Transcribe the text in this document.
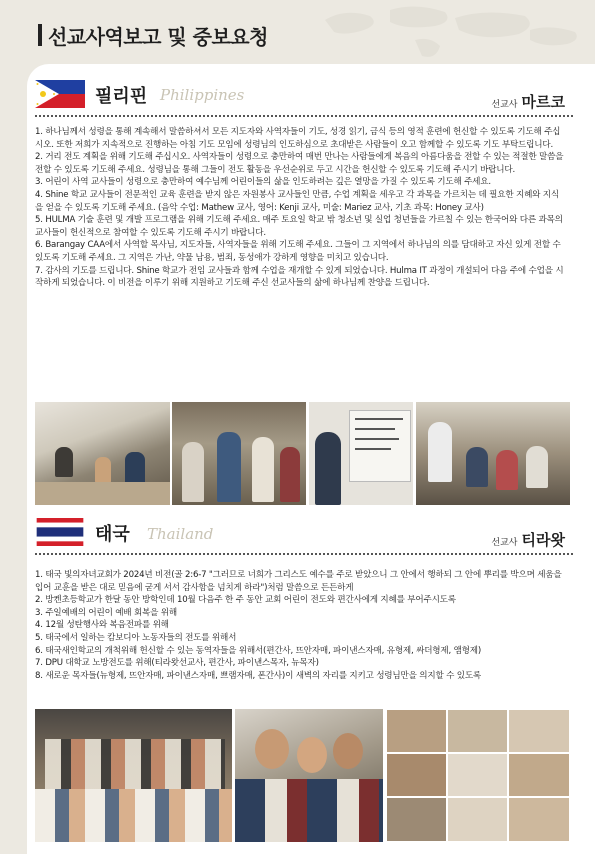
선교사역보고 및 중보요청
필리핀 Philippines
선교사 마르코
1. 하나님께서 성령을 통해 계속해서 말씀하셔서 모든 지도자와 사역자들이 기도, 성경 읽기, 금식 등의 영적 훈련에 헌신할 수 있도록 기도해 주십시오. 또한 저희가 지속적으로 진행하는 아침 기도 모임에 성령님의 인도하심으로 초대받은 사람들이 오고 함께할 수 있도록 기도 부탁드립니다.
2. 거리 전도 계획을 위해 기도해 주십시오. 사역자들이 성령으로 충만하여 매번 만나는 사람들에게 복음의 아름다움을 전할 수 있는 적절한 말씀을 전할 수 있도록 기도해 주세요. 성령님을 통해 그들이 전도 활동을 우선순위로 두고 시간을 헌신할 수 있도록 기도해 주시기 바랍니다.
3. 어린이 사역 교사들이 성령으로 충만하여 예수님께 어린이들의 삶을 인도하려는 깊은 열망을 가질 수 있도록 기도해 주세요.
4. Shine 학교 교사들이 전문적인 교육 훈련을 받지 않은 자원봉사 교사들인 만큼, 수업 계획을 세우고 각 과목을 가르치는 데 필요한 지혜와 지식을 얻을 수 있도록 기도해 주세요. (음악 수업: Mathew 교사, 영어: Kenji 교사, 미술: Mariez 교사, 기초 과목: Honey 교사)
5. HULMA 기술 훈련 및 개발 프로그램을 위해 기도해 주세요. 매주 토요일 학교 밖 청소년 및 실업 청년들을 가르칠 수 있는 한국어와 다른 과목의 교사들이 헌신적으로 참여할 수 있도록 기도해 주시기 바랍니다.
6. Barangay CAA에서 사역할 목사님, 지도자들, 사역자들을 위해 기도해 주세요. 그들이 그 지역에서 하나님의 의를 담대하고 자신 있게 전할 수 있도록 기도해 주세요. 그 지역은 가난, 약물 남용, 범죄, 동성애가 강하게 영향을 미치고 있습니다.
7. 감사의 기도를 드립니다. Shine 학교가 전임 교사들과 함께 수업을 재개할 수 있게 되었습니다. Hulma IT 과정이 개설되어 다음 주에 수업을 시작하게 되었습니다. 이 비전을 이루기 위해 지원하고 기도해 주신 선교사들의 삶에 하나님께 찬양을 드립니다.
태국 Thailand	선교사 티라왓
1. 태국 빛의자녀교회가 2024년 비전(골 2:6-7 "그러므로 너희가 그리스도 예수를 주로 받았으니 그 안에서 행하되 그 안에 뿌리를 박으며 세움을 입어 교훈을 받은 대로 믿음에 굳게 서서 감사함을 넘치게 하라")처럼 말씀으로 든든하게
2. 방켄초등학교가 한달 동안 방학인데 10월 다음주 한 주 동안 교회 어린이 전도와 편간사에게 지혜를 부어주시도록
3. 주일예배의 어린이 예배 회복을 위해
4. 12월 성탄행사와 복음전파를 위해
5. 태국에서 일하는 캄보디아 노동자들의 전도를 위해서
6. 태국새인학교의 개척위해 헌신할 수 있는 동역자들을 위해서(편간사, 뜨안자매, 파이낸스자매, 유형제, 싸더형제, 앰형제)
7. DPU 대학교 노방전도를 위해(티라왓선교사, 편간사, 파이낸스목자, 뉴목자)
8. 새로운 목자들(뉴형제, 뜨안자매, 파이낸스자매, 쁘램자매, 폰간사)이 새벽의 자리를 지키고 성령님만을 의지할 수 있도록
